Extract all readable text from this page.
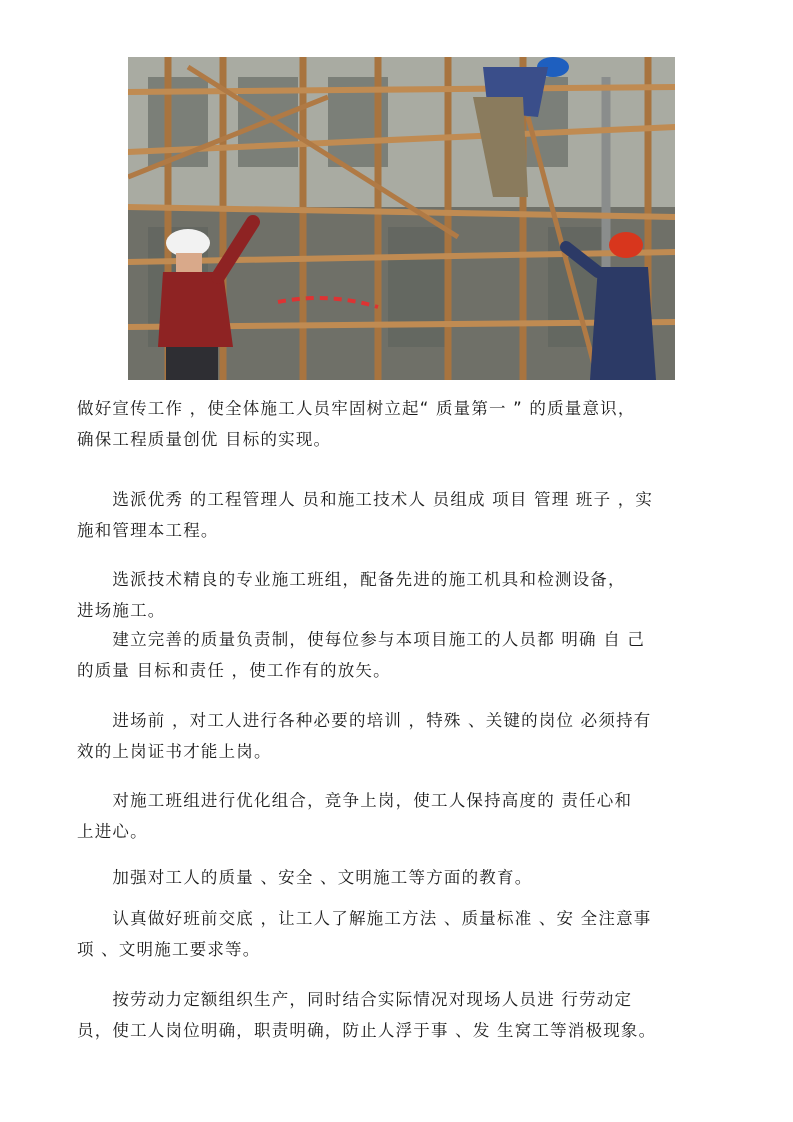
做好宣传工作 ，使全体施工人员牢固树立起“ 质量第一 ” 的质量意识，
确保工程质量创优 目标的实现。

　　选派优秀 的工程管理人 员和施工技术人 员组成 项目 管理 班子 ，实
施和管理本工程。

　　选派技术精良的专业施工班组，配备先进的施工机具和检测设备，
进场施工。

　　建立完善的质量负责制，使每位参与本项目施工的人员都 明确 自 己
的质量 目标和责任 ，使工作有的放矢。

　　进场前 ，对工人进行各种必要的培训 ，特殊 、关键的岗位 必须持有
效的上岗证书才能上岗。

　　对施工班组进行优化组合，竞争上岗，使工人保持高度的 责任心和
上进心。

　　加强对工人的质量 、安全 、文明施工等方面的教育。

　　认真做好班前交底 ，让工人了解施工方法 、质量标准 、安 全注意事
项 、文明施工要求等。

　　按劳动力定额组织生产，同时结合实际情况对现场人员进 行劳动定
员，使工人岗位明确，职责明确，防止人浮于事 、发 生窝工等消极现象。
